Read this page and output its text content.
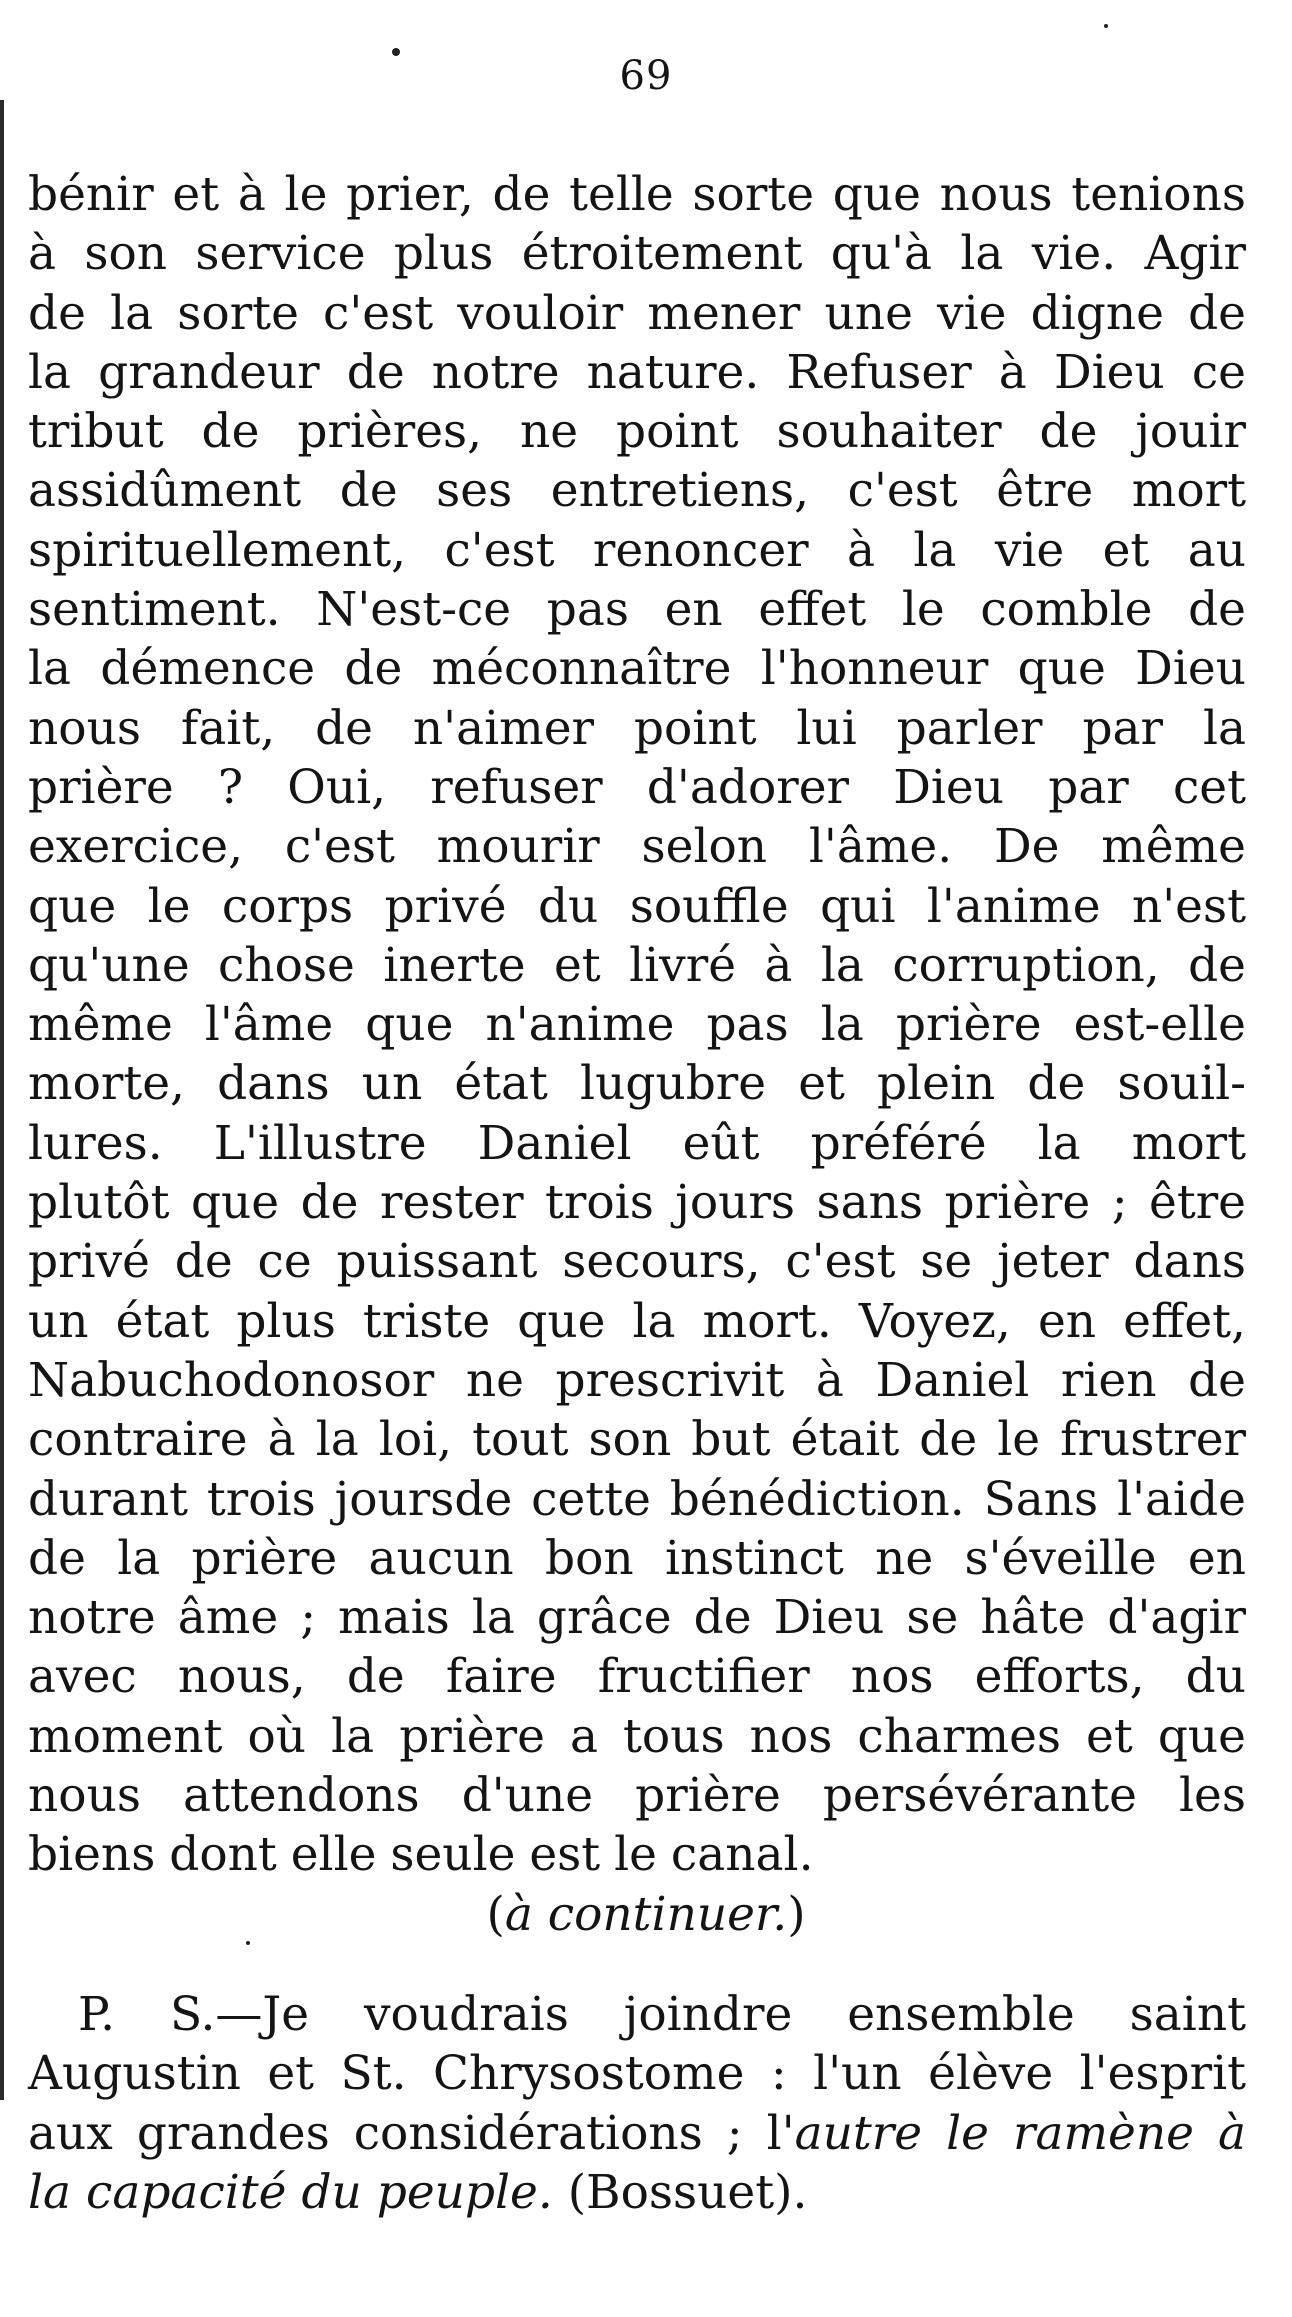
69
bénir et à le prier, de telle sorte que nous tenions
à son service plus étroitement qu'à la vie. Agir
de la sorte c'est vouloir mener une vie digne de
la grandeur de notre nature. Refuser à Dieu ce
tribut de prières, ne point souhaiter de jouir
assidûment de ses entretiens, c'est être mort
spirituellement, c'est renoncer à la vie et au
sentiment. N'est-ce pas en effet le comble de
la démence de méconnaître l'honneur que Dieu
nous fait, de n'aimer point lui parler par la
prière ? Oui, refuser d'adorer Dieu par cet
exercice, c'est mourir selon l'âme. De même
que le corps privé du souffle qui l'anime n'est
qu'une chose inerte et livré à la corruption, de
même l'âme que n'anime pas la prière est-elle
morte, dans un état lugubre et plein de souil-
lures. L'illustre Daniel eût préféré la mort
plutôt que de rester trois jours sans prière ; être
privé de ce puissant secours, c'est se jeter dans
un état plus triste que la mort. Voyez, en effet,
Nabuchodonosor ne prescrivit à Daniel rien de
contraire à la loi, tout son but était de le frustrer
durant trois joursde cette bénédiction. Sans l'aide
de la prière aucun bon instinct ne s'éveille en
notre âme ; mais la grâce de Dieu se hâte d'agir
avec nous, de faire fructifier nos efforts, du
moment où la prière a tous nos charmes et que
nous attendons d'une prière persévérante les
biens dont elle seule est le canal.
(à continuer.)
P. S.—Je voudrais joindre ensemble saint
Augustin et St. Chrysostome : l'un élève l'esprit
aux grandes considérations ; l'autre le ramène à
la capacité du peuple. (Bossuet).
